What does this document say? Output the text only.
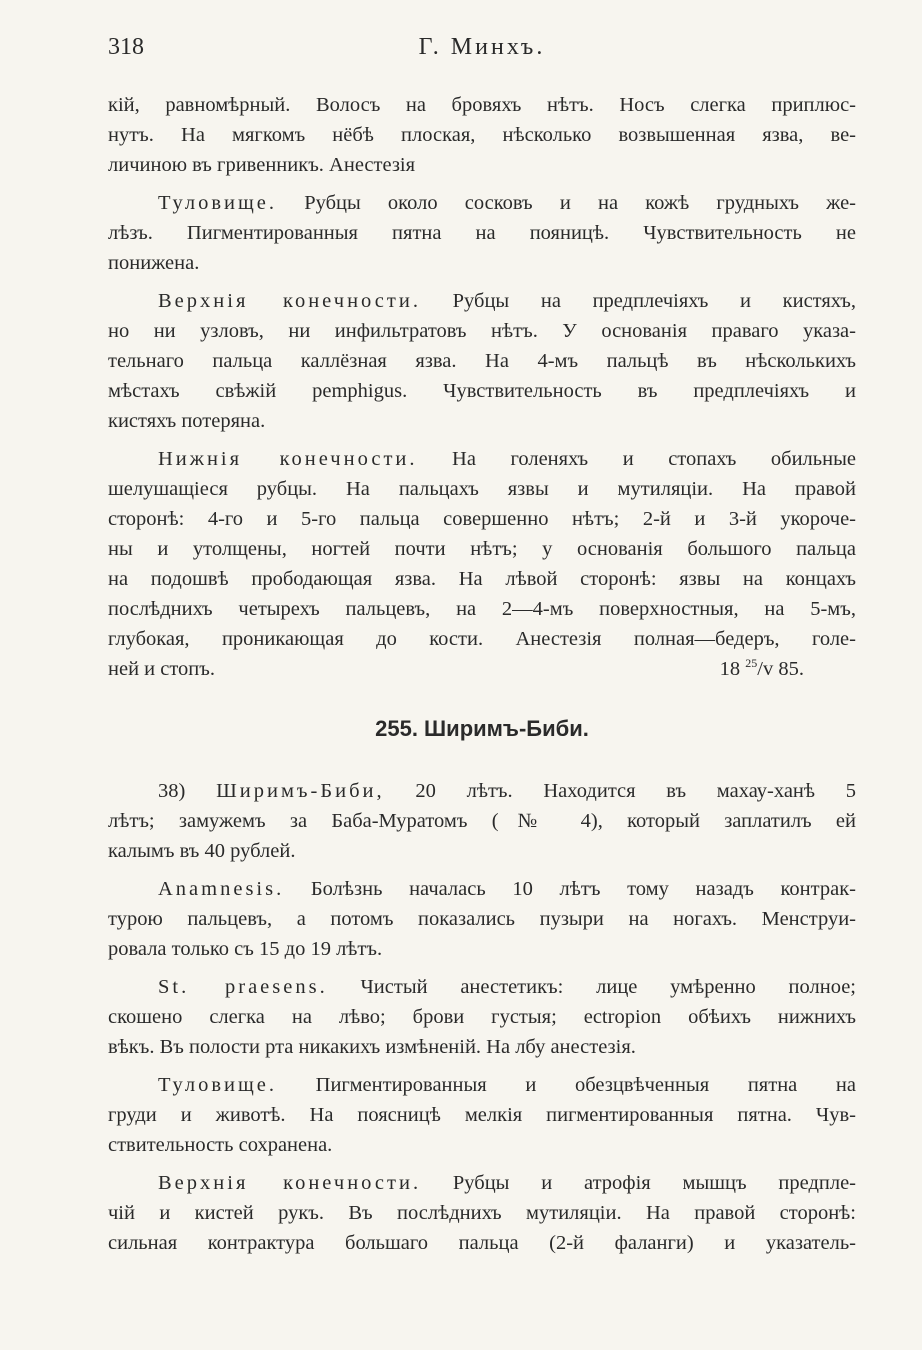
318	Г. Минхъ.
кій, равномѣрный. Волосъ на бровяхъ нѣтъ. Носъ слегка приплюс-
нутъ. На мягкомъ нёбѣ плоская, нѣсколько возвышенная язва, ве-
личиною въ гривенникъ. Анестезія
Туловище. Рубцы около сосковъ и на кожѣ грудныхъ же-
лѣзъ. Пигментированныя пятна на пояницѣ. Чувствительность не
понижена.
Верхнія конечности. Рубцы на предплечіяхъ и кистяхъ,
но ни узловъ, ни инфильтратовъ нѣтъ. У основанія праваго указа-
тельнаго пальца каллёзная язва. На 4-мъ пальцѣ въ нѣсколькихъ
мѣстахъ свѣжій pemphigus. Чувствительность въ предплечіяхъ и
кистяхъ потеряна.
Нижнія конечности. На голеняхъ и стопахъ обильные
шелушащіеся рубцы. На пальцахъ язвы и мутиляціи. На правой
сторонѣ: 4-го и 5-го пальца совершенно нѣтъ; 2-й и 3-й укороче-
ны и утолщены, ногтей почти нѣтъ; у основанія большого пальца
на подошвѣ прободающая язва. На лѣвой сторонѣ: язвы на концахъ
послѣднихъ четырехъ пальцевъ, на 2—4-мъ поверхностныя, на 5-мъ,
глубокая, проникающая до кости. Анестезія полная—бедеръ, голе-
ней и стопъ.	18 $^{25}$/v 85.
255. Ширимъ-Биби.
38) Ширимъ-Биби, 20 лѣтъ. Находится въ махау-ханѣ 5
лѣтъ; замужемъ за Баба-Муратомъ (№ 4), который заплатилъ ей
калымъ въ 40 рублей.
Anamnesis. Болѣзнь началась 10 лѣтъ тому назадъ контрак-
турою пальцевъ, а потомъ показались пузыри на ногахъ. Менструи-
ровала только съ 15 до 19 лѣтъ.
St. praesens. Чистый анестетикъ: лице умѣренно полное;
скошено слегка на лѣво; брови густыя; ectropion обѣихъ нижнихъ
вѣкъ. Въ полости рта никакихъ измѣненій. На лбу анестезія.
Туловище. Пигментированныя и обезцвѣченныя пятна на
груди и животѣ. На поясницѣ мелкія пигментированныя пятна. Чув-
ствительность сохранена.
Верхнія конечности. Рубцы и атрофія мышцъ предпле-
чій и кистей рукъ. Въ послѣднихъ мутиляціи. На правой сторонѣ:
сильная контрактура большаго пальца (2-й фаланги) и указатель-
